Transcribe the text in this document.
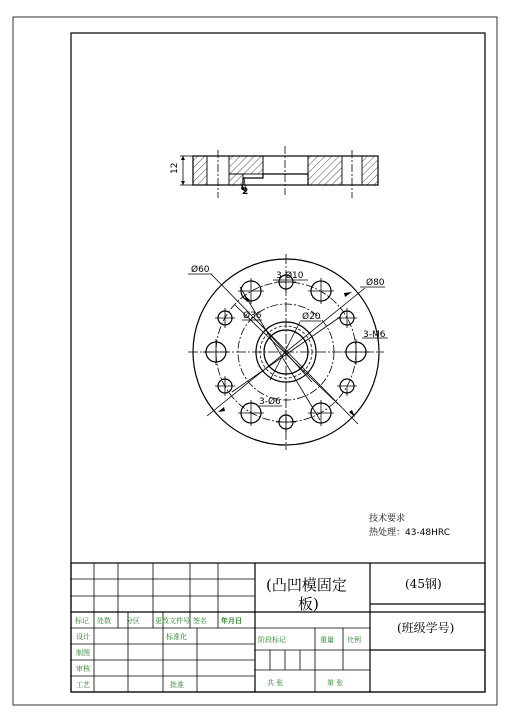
12
2
Ø60
3-Ø10
Ø80
Ø36	Ø20
3-M6
3-Ø6
技术要求
热处理：43-48HRC
标记 处数 分区 更改文件号 签名 年月日
设计	标准化
制图
审核
工艺	批准
阶段标记	重量 比例
共 张	第 张
(凸凹模固定
板)
(45钢)
(班级学号)
